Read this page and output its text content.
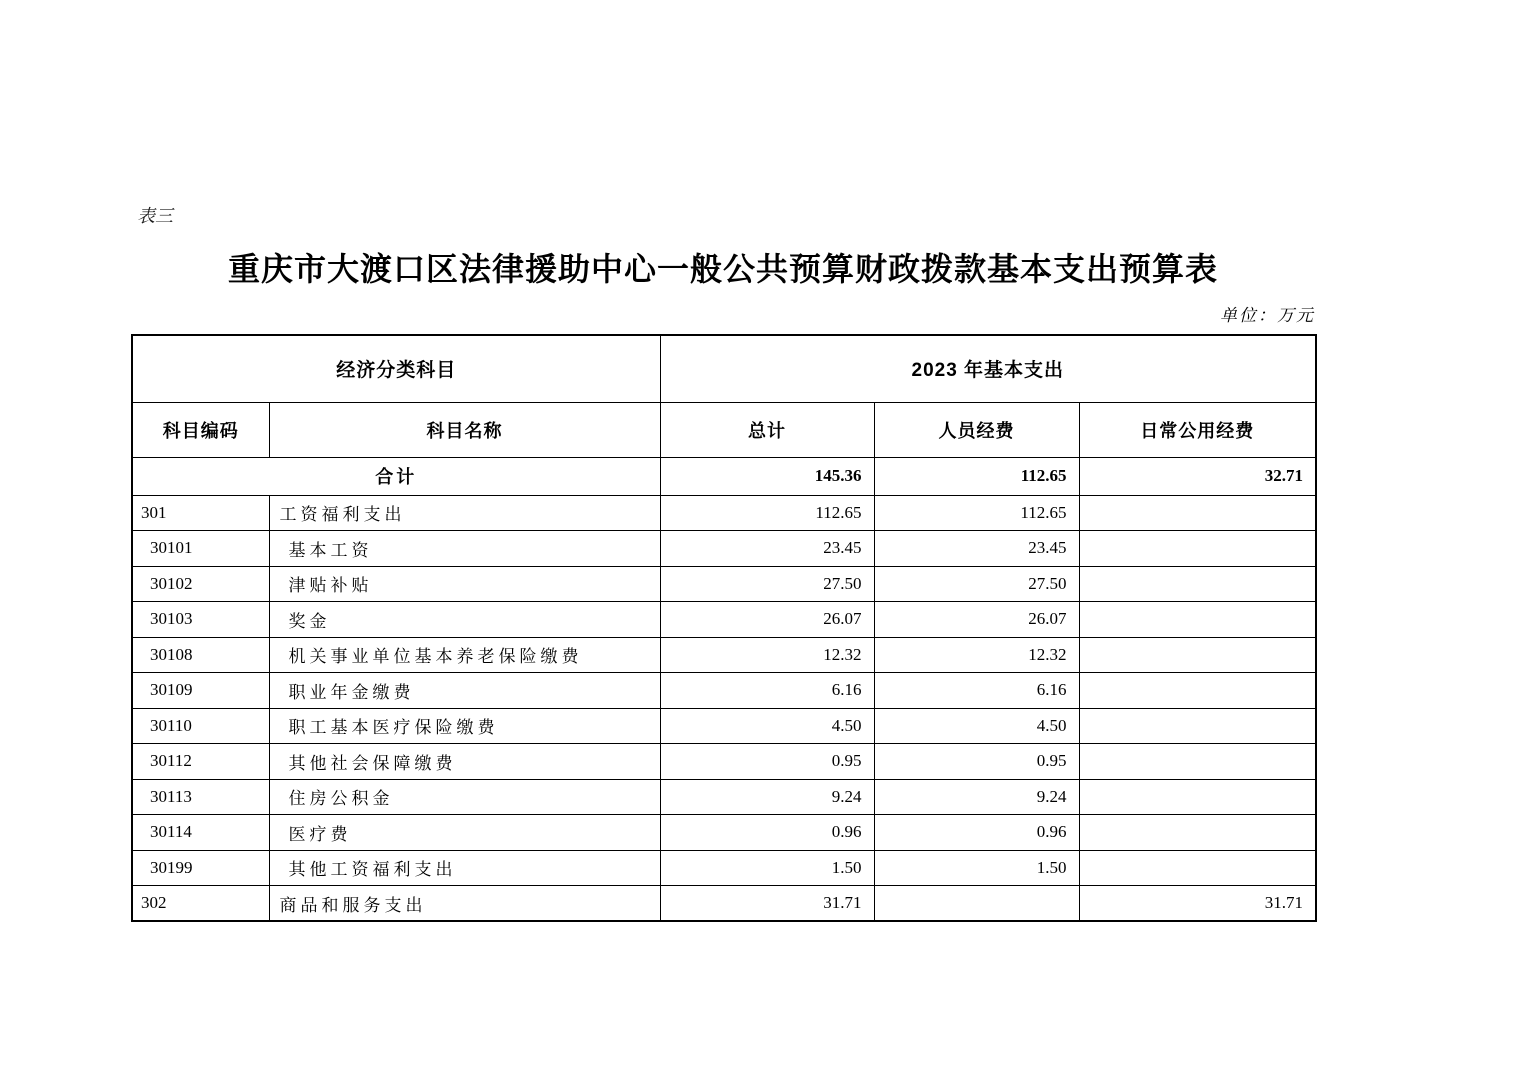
表三
重庆市大渡口区法律援助中心一般公共预算财政拨款基本支出预算表
单位：万元
经济分类科目		2023 年基本支出		
科目编码	科目名称	总计	人员经费	日常公用经费
合计		145.36	112.65	32.71
301	工资福利支出	112.65	112.65	
30101	基本工资	23.45	23.45	
30102	津贴补贴	27.50	27.50	
30103	奖金	26.07	26.07	
30108	机关事业单位基本养老保险缴费	12.32	12.32	
30109	职业年金缴费	6.16	6.16	
30110	职工基本医疗保险缴费	4.50	4.50	
30112	其他社会保障缴费	0.95	0.95	
30113	住房公积金	9.24	9.24	
30114	医疗费	0.96	0.96	
30199	其他工资福利支出	1.50	1.50	
302	商品和服务支出	31.71		31.71
